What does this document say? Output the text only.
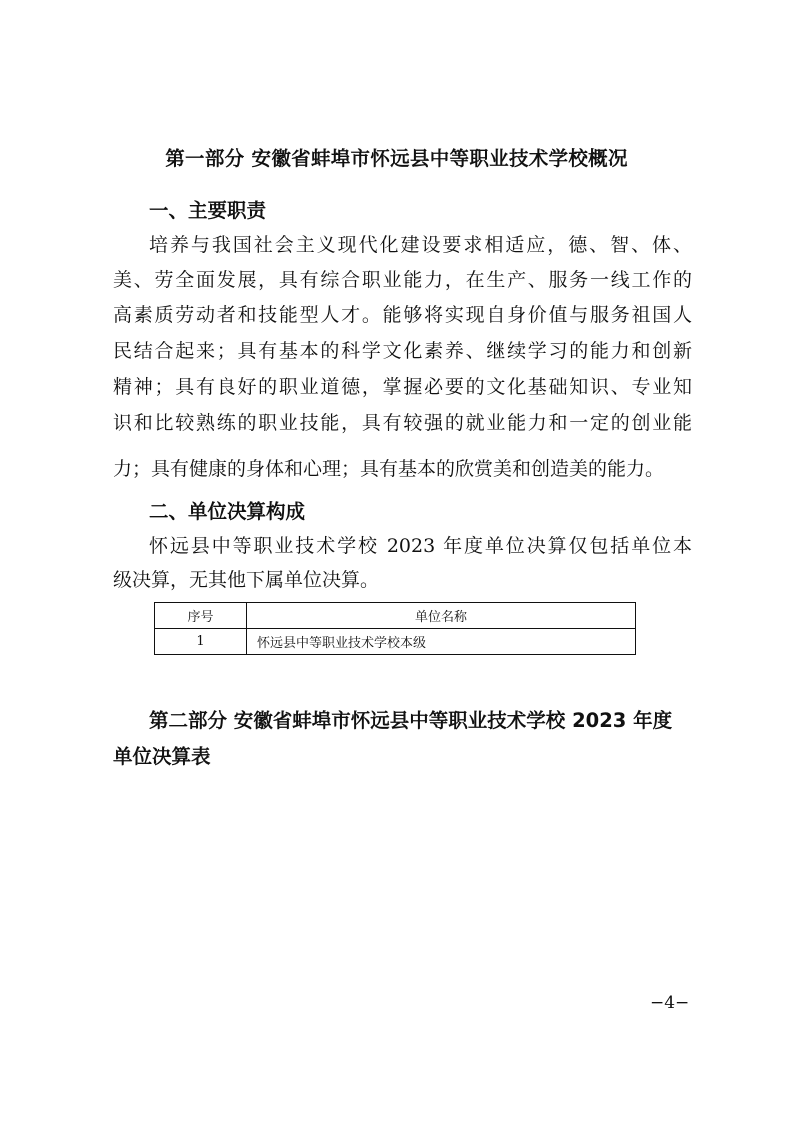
第一部分 安徽省蚌埠市怀远县中等职业技术学校概况
一、主要职责
培养与我国社会主义现代化建设要求相适应，德、智、体、
美、劳全面发展，具有综合职业能力，在生产、服务一线工作的
高素质劳动者和技能型人才。能够将实现自身价值与服务祖国人
民结合起来；具有基本的科学文化素养、继续学习的能力和创新
精神；具有良好的职业道德，掌握必要的文化基础知识、专业知
识和比较熟练的职业技能，具有较强的就业能力和一定的创业能
力；具有健康的身体和心理；具有基本的欣赏美和创造美的能力。
二、单位决算构成
怀远县中等职业技术学校 2023 年度单位决算仅包括单位本
级决算，无其他下属单位决算。
序号	单位名称
1	怀远县中等职业技术学校本级
第二部分 安徽省蚌埠市怀远县中等职业技术学校 2023 年度
单位决算表
−4−
